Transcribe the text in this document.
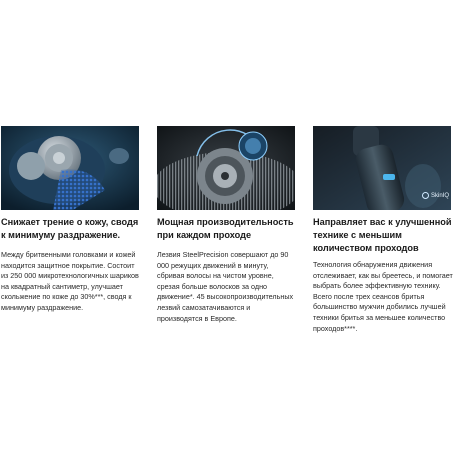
Снижает трение о кожу, сводя к минимуму раздражение.

Между бритвенными головками и кожей находится защитное покрытие. Состоит из 250 000 микротехнологичных шариков на квадратный сантиметр, улучшает скольжение по коже до 30%***, сводя к минимуму раздражение.

Мощная производительность при каждом проходе

Лезвия SteelPrecision совершают до 90 000 режущих движений в минуту, сбривая волосы на чистом уровне, срезая больше волосков за одно движение*. 45 высокопроизводительных лезвий самозатачиваются и производятся в Европе.

SkinIQ

Направляет вас к улучшенной технике с меньшим количеством проходов

Технология обнаружения движения отслеживает, как вы бреетесь, и помогает выбрать более эффективную технику. Всего после трех сеансов бритья большинство мужчин добились лучшей техники бритья за меньшее количество проходов****.
